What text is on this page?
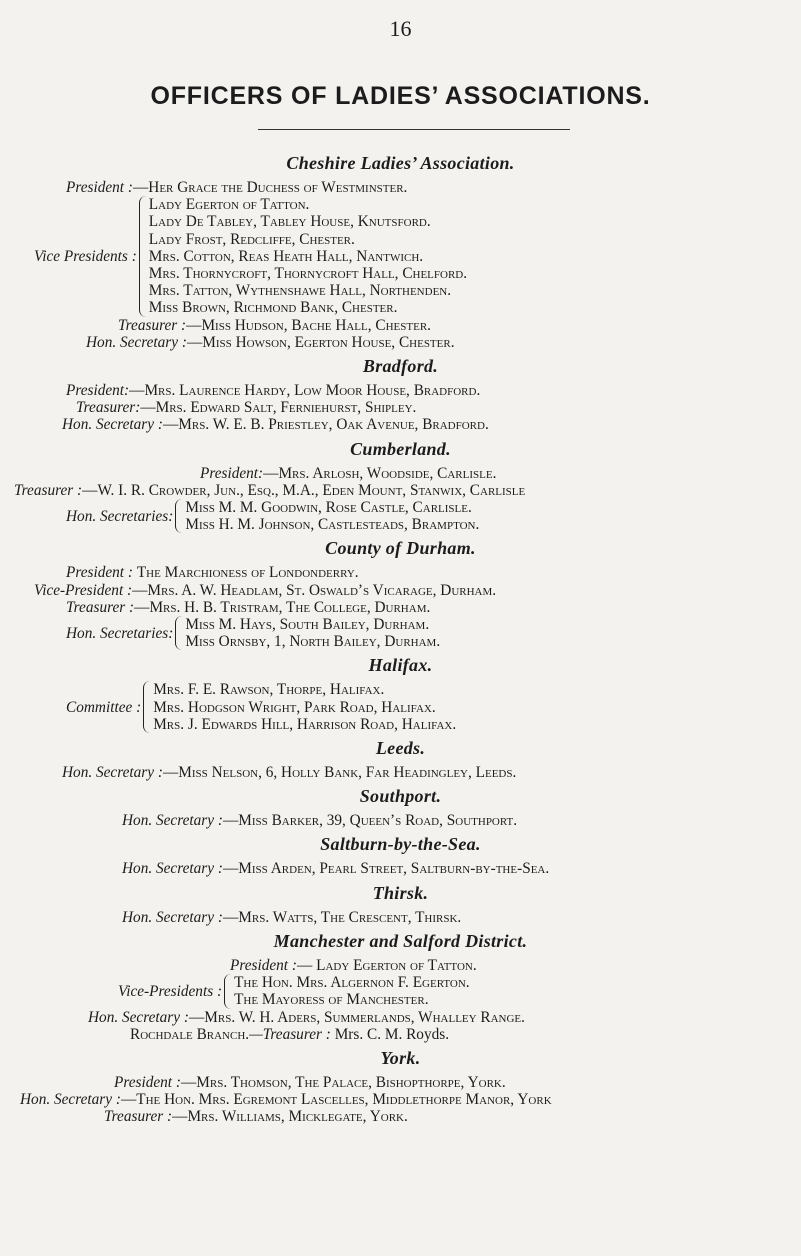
16
OFFICERS OF LADIES’ ASSOCIATIONS.
Cheshire Ladies’ Association.
President :—Her Grace the Duchess of Westminster.
Vice Presidents :
Lady Egerton of Tatton.
Lady De Tabley, Tabley House, Knutsford.
Lady Frost, Redcliffe, Chester.
Mrs. Cotton, Reas Heath Hall, Nantwich.
Mrs. Thornycroft, Thornycroft Hall, Chelford.
Mrs. Tatton, Wythenshawe Hall, Northenden.
Miss Brown, Richmond Bank, Chester.
Treasurer :—Miss Hudson, Bache Hall, Chester.
Hon. Secretary :—Miss Howson, Egerton House, Chester.
Bradford.
President:—Mrs. Laurence Hardy, Low Moor House, Bradford.
Treasurer:—Mrs. Edward Salt, Ferniehurst, Shipley.
Hon. Secretary :—Mrs. W. E. B. Priestley, Oak Avenue, Bradford.
Cumberland.
President:—Mrs. Arlosh, Woodside, Carlisle.
Treasurer :—W. I. R. Crowder, Jun., Esq., M.A., Eden Mount, Stanwix, Carlisle
Hon. Secretaries:
Miss M. M. Goodwin, Rose Castle, Carlisle.
Miss H. M. Johnson, Castlesteads, Brampton.
County of Durham.
President : The Marchioness of Londonderry.
Vice-President :—Mrs. A. W. Headlam, St. Oswald’s Vicarage, Durham.
Treasurer :—Mrs. H. B. Tristram, The College, Durham.
Hon. Secretaries:
Miss M. Hays, South Bailey, Durham.
Miss Ornsby, 1, North Bailey, Durham.
Halifax.
Committee :
Mrs. F. E. Rawson, Thorpe, Halifax.
Mrs. Hodgson Wright, Park Road, Halifax.
Mrs. J. Edwards Hill, Harrison Road, Halifax.
Leeds.
Hon. Secretary :—Miss Nelson, 6, Holly Bank, Far Headingley, Leeds.
Southport.
Hon. Secretary :—Miss Barker, 39, Queen’s Road, Southport.
Saltburn-by-the-Sea.
Hon. Secretary :—Miss Arden, Pearl Street, Saltburn-by-the-Sea.
Thirsk.
Hon. Secretary :—Mrs. Watts, The Crescent, Thirsk.
Manchester and Salford District.
President :— Lady Egerton of Tatton.
Vice-Presidents :
The Hon. Mrs. Algernon F. Egerton.
The Mayoress of Manchester.
Hon. Secretary :—Mrs. W. H. Aders, Summerlands, Whalley Range.
Rochdale Branch.—Treasurer : Mrs. C. M. Royds.
York.
President :—Mrs. Thomson, The Palace, Bishopthorpe, York.
Hon. Secretary :—The Hon. Mrs. Egremont Lascelles, Middlethorpe Manor, York
Treasurer :—Mrs. Williams, Micklegate, York.
